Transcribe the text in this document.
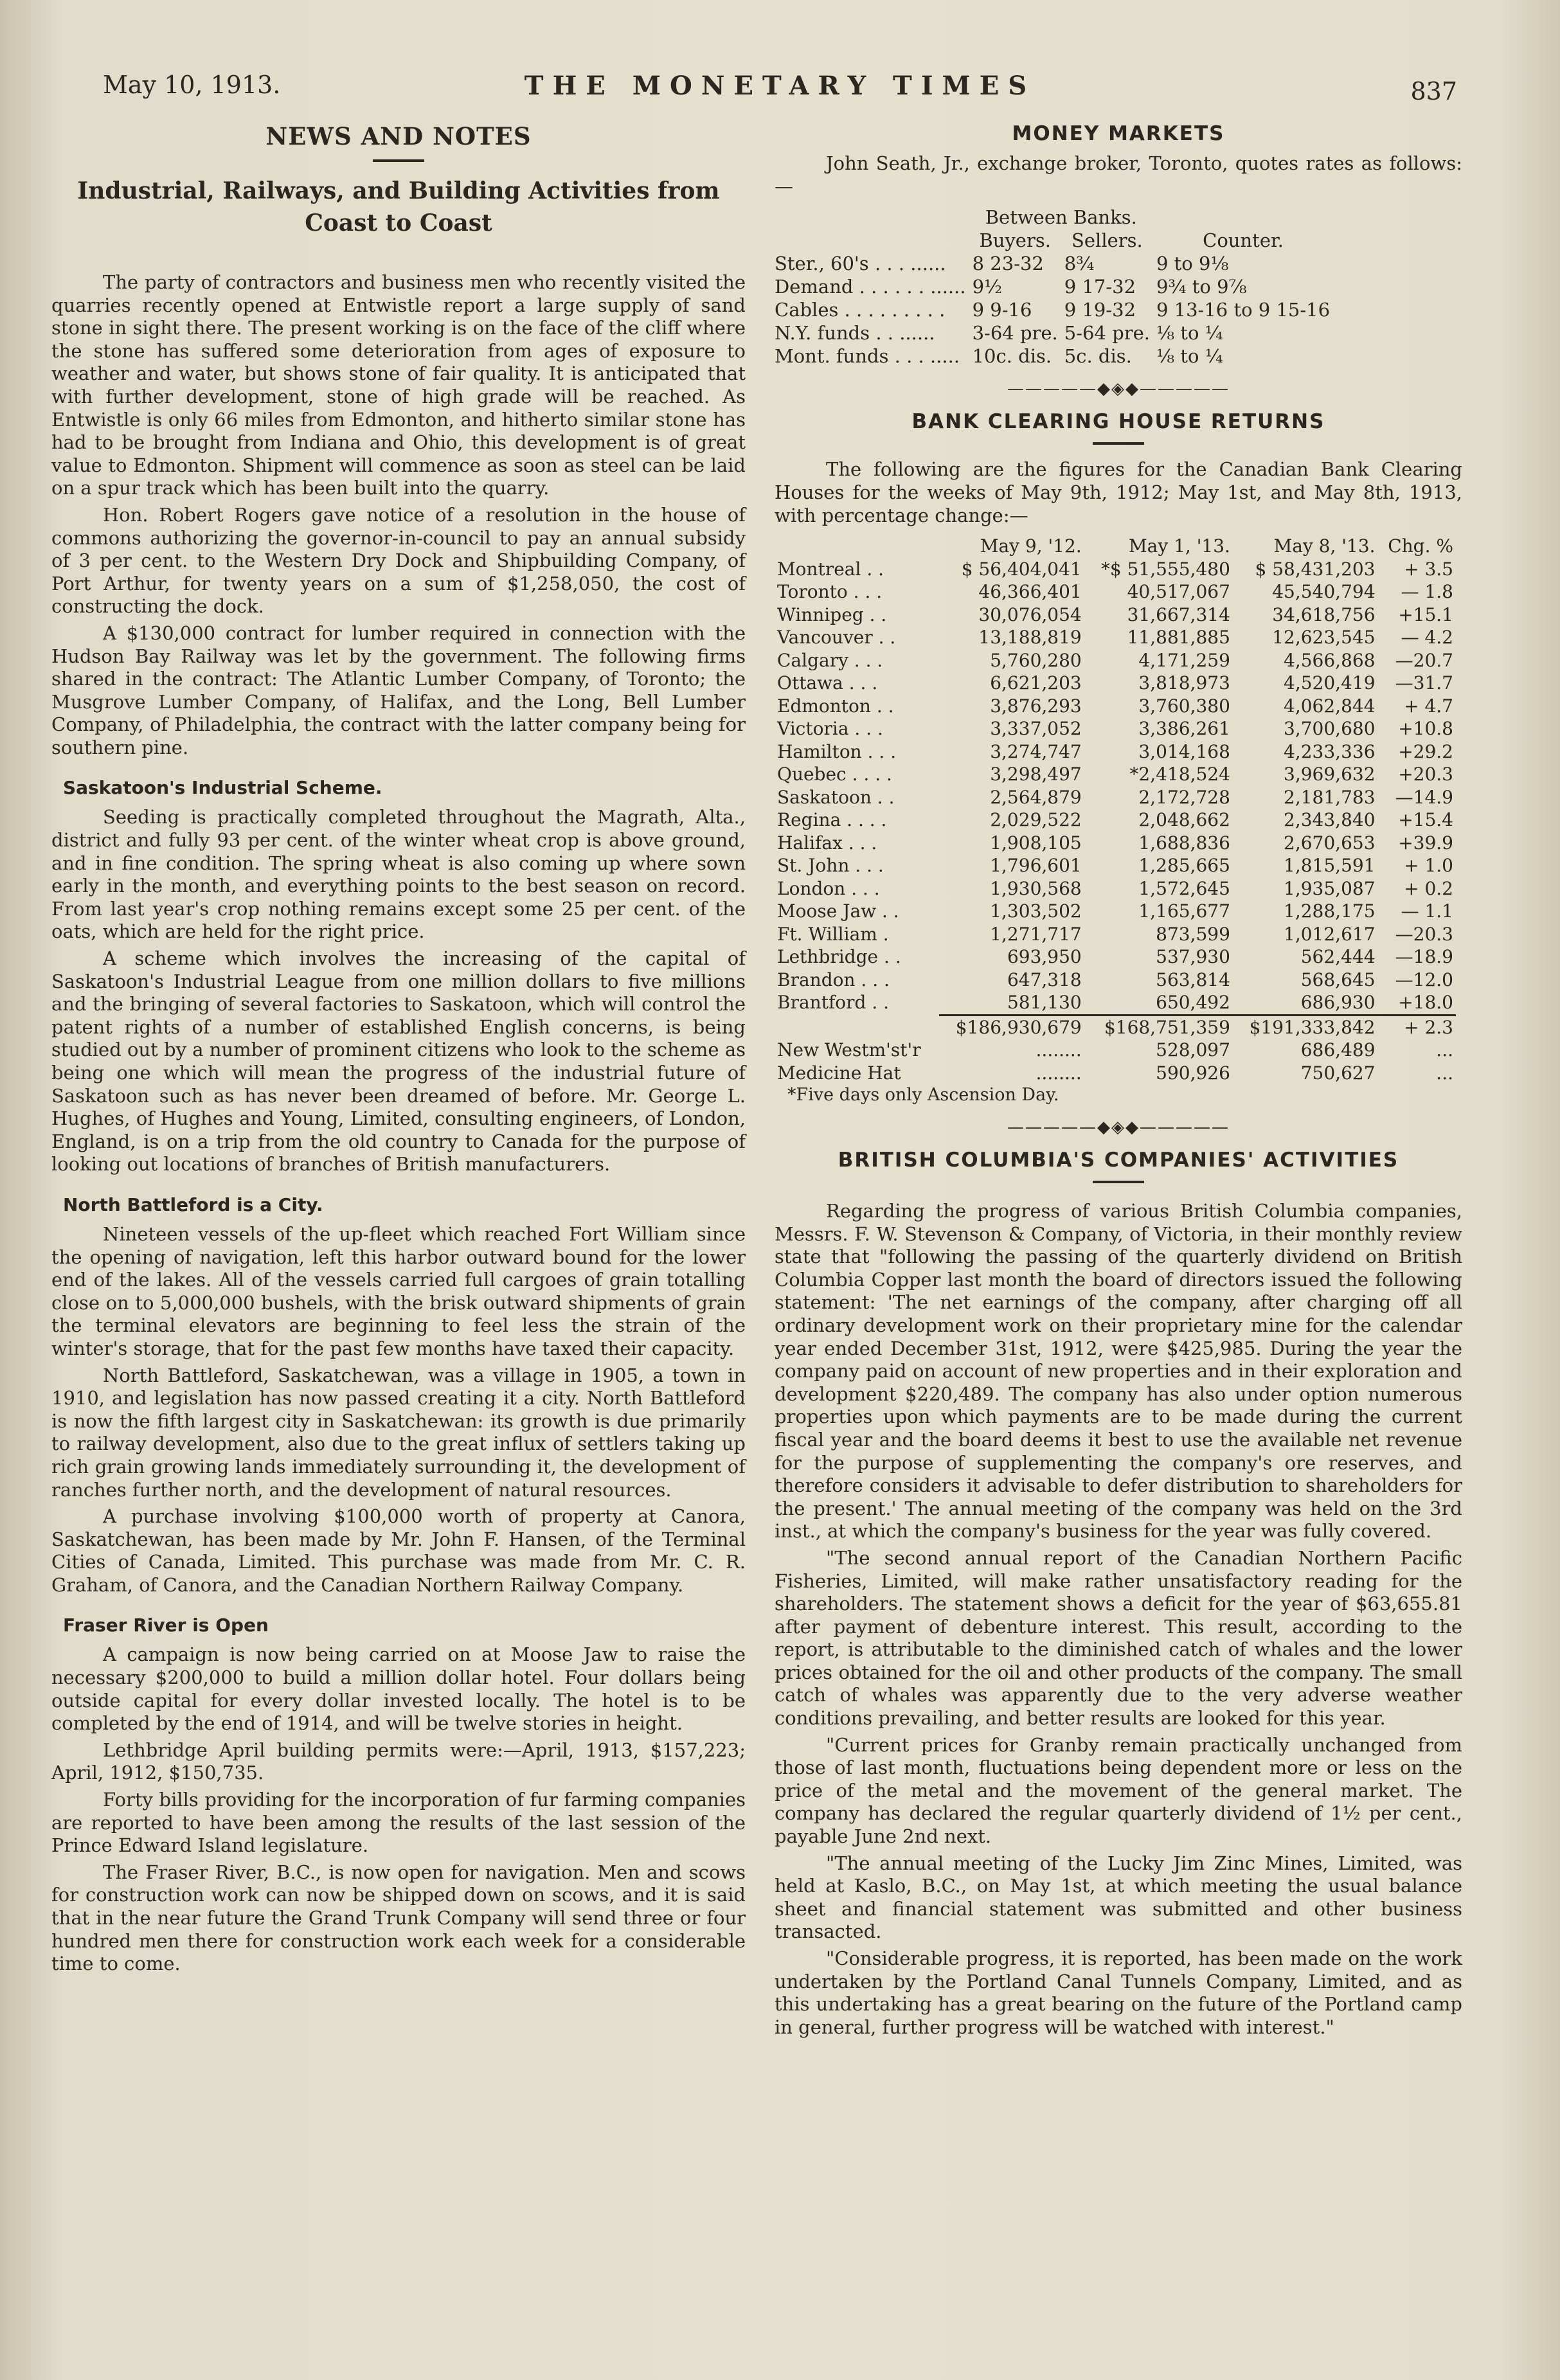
May 10, 1913.	THE MONETARY TIMES	837

NEWS AND NOTES

Industrial, Railways, and Building Activities from
Coast to Coast

The party of contractors and business men who recently visited the quarries recently opened at Entwistle report a large supply of sand stone in sight there. The present working is on the face of the cliff where the stone has suffered some deterioration from ages of exposure to weather and water, but shows stone of fair quality. It is anticipated that with further development, stone of high grade will be reached. As Entwistle is only 66 miles from Edmonton, and hitherto similar stone has had to be brought from Indiana and Ohio, this development is of great value to Edmonton. Shipment will commence as soon as steel can be laid on a spur track which has been built into the quarry.

Hon. Robert Rogers gave notice of a resolution in the house of commons authorizing the governor-in-council to pay an annual subsidy of 3 per cent. to the Western Dry Dock and Shipbuilding Company, of Port Arthur, for twenty years on a sum of $1,258,050, the cost of constructing the dock.

A $130,000 contract for lumber required in connection with the Hudson Bay Railway was let by the government. The following firms shared in the contract: The Atlantic Lumber Company, of Toronto; the Musgrove Lumber Company, of Halifax, and the Long, Bell Lumber Company, of Philadelphia, the contract with the latter company being for southern pine.

Saskatoon's Industrial Scheme.

Seeding is practically completed throughout the Magrath, Alta., district and fully 93 per cent. of the winter wheat crop is above ground, and in fine condition. The spring wheat is also coming up where sown early in the month, and everything points to the best season on record. From last year's crop nothing remains except some 25 per cent. of the oats, which are held for the right price.

A scheme which involves the increasing of the capital of Saskatoon's Industrial League from one million dollars to five millions and the bringing of several factories to Saskatoon, which will control the patent rights of a number of established English concerns, is being studied out by a number of prominent citizens who look to the scheme as being one which will mean the progress of the industrial future of Saskatoon such as has never been dreamed of before. Mr. George L. Hughes, of Hughes and Young, Limited, consulting engineers, of London, England, is on a trip from the old country to Canada for the purpose of looking out locations of branches of British manufacturers.

North Battleford is a City.

Nineteen vessels of the up-fleet which reached Fort William since the opening of navigation, left this harbor outward bound for the lower end of the lakes. All of the vessels carried full cargoes of grain totalling close on to 5,000,000 bushels, with the brisk outward shipments of grain the terminal elevators are beginning to feel less the strain of the winter's storage, that for the past few months have taxed their capacity.

North Battleford, Saskatchewan, was a village in 1905, a town in 1910, and legislation has now passed creating it a city. North Battleford is now the fifth largest city in Saskatchewan: its growth is due primarily to railway development, also due to the great influx of settlers taking up rich grain growing lands immediately surrounding it, the development of ranches further north, and the development of natural resources.

A purchase involving $100,000 worth of property at Canora, Saskatchewan, has been made by Mr. John F. Hansen, of the Terminal Cities of Canada, Limited. This purchase was made from Mr. C. R. Graham, of Canora, and the Canadian Northern Railway Company.

Fraser River is Open

A campaign is now being carried on at Moose Jaw to raise the necessary $200,000 to build a million dollar hotel. Four dollars being outside capital for every dollar invested locally. The hotel is to be completed by the end of 1914, and will be twelve stories in height.

Lethbridge April building permits were:—April, 1913, $157,223; April, 1912, $150,735.

Forty bills providing for the incorporation of fur farming companies are reported to have been among the results of the last session of the Prince Edward Island legislature.

The Fraser River, B.C., is now open for navigation. Men and scows for construction work can now be shipped down on scows, and it is said that in the near future the Grand Trunk Company will send three or four hundred men there for construction work each week for a considerable time to come.

MONEY MARKETS

John Seath, Jr., exchange broker, Toronto, quotes rates as follows:—

	Between Banks.		
	Buyers.	Sellers.	Counter.
Ster., 60's . . . ......	8 23-32	8¾	9 to 9⅛
Demand . . . . . . ......	9½	9 17-32	9¾ to 9⅞
Cables . . . . . . . . .	9 9-16	9 19-32	9 13-16 to 9 15-16
N.Y. funds . . ......	3-64 pre.	5-64 pre.	⅛ to ¼
Mont. funds . . . .....	10c. dis.	5c. dis.	⅛ to ¼
—————◆◈◆—————

BANK CLEARING HOUSE RETURNS

The following are the figures for the Canadian Bank Clearing Houses for the weeks of May 9th, 1912; May 1st, and May 8th, 1913, with percentage change:—

	May 9, '12.	May 1, '13.	May 8, '13.	Chg. %
Montreal . .	$ 56,404,041	*$ 51,555,480	$ 58,431,203	+ 3.5
Toronto . . .	46,366,401	40,517,067	45,540,794	— 1.8
Winnipeg . .	30,076,054	31,667,314	34,618,756	+15.1
Vancouver . .	13,188,819	11,881,885	12,623,545	— 4.2
Calgary . . .	5,760,280	4,171,259	4,566,868	—20.7
Ottawa . . .	6,621,203	3,818,973	4,520,419	—31.7
Edmonton . .	3,876,293	3,760,380	4,062,844	+ 4.7
Victoria . . .	3,337,052	3,386,261	3,700,680	+10.8
Hamilton . . .	3,274,747	3,014,168	4,233,336	+29.2
Quebec . . . .	3,298,497	*2,418,524	3,969,632	+20.3
Saskatoon . .	2,564,879	2,172,728	2,181,783	—14.9
Regina . . . .	2,029,522	2,048,662	2,343,840	+15.4
Halifax . . .	1,908,105	1,688,836	2,670,653	+39.9
St. John . . .	1,796,601	1,285,665	1,815,591	+ 1.0
London . . .	1,930,568	1,572,645	1,935,087	+ 0.2
Moose Jaw . .	1,303,502	1,165,677	1,288,175	— 1.1
Ft. William .	1,271,717	873,599	1,012,617	—20.3
Lethbridge . .	693,950	537,930	562,444	—18.9
Brandon . . .	647,318	563,814	568,645	—12.0
Brantford . .	581,130	650,492	686,930	+18.0
	$186,930,679	$168,751,359	$191,333,842	+ 2.3
New Westm'st'r	........	528,097	686,489	...
Medicine Hat	........	590,926	750,627	...

*Five days only Ascension Day.

—————◆◈◆—————

BRITISH COLUMBIA'S COMPANIES' ACTIVITIES

Regarding the progress of various British Columbia companies, Messrs. F. W. Stevenson & Company, of Victoria, in their monthly review state that "following the passing of the quarterly dividend on British Columbia Copper last month the board of directors issued the following statement: 'The net earnings of the company, after charging off all ordinary development work on their proprietary mine for the calendar year ended December 31st, 1912, were $425,985. During the year the company paid on account of new properties and in their exploration and development $220,489. The company has also under option numerous properties upon which payments are to be made during the current fiscal year and the board deems it best to use the available net revenue for the purpose of supplementing the company's ore reserves, and therefore considers it advisable to defer distribution to shareholders for the present.' The annual meeting of the company was held on the 3rd inst., at which the company's business for the year was fully covered.

"The second annual report of the Canadian Northern Pacific Fisheries, Limited, will make rather unsatisfactory reading for the shareholders. The statement shows a deficit for the year of $63,655.81 after payment of debenture interest. This result, according to the report, is attributable to the diminished catch of whales and the lower prices obtained for the oil and other products of the company. The small catch of whales was apparently due to the very adverse weather conditions prevailing, and better results are looked for this year.

"Current prices for Granby remain practically unchanged from those of last month, fluctuations being dependent more or less on the price of the metal and the movement of the general market. The company has declared the regular quarterly dividend of 1½ per cent., payable June 2nd next.

"The annual meeting of the Lucky Jim Zinc Mines, Limited, was held at Kaslo, B.C., on May 1st, at which meeting the usual balance sheet and financial statement was submitted and other business transacted.

"Considerable progress, it is reported, has been made on the work undertaken by the Portland Canal Tunnels Company, Limited, and as this undertaking has a great bearing on the future of the Portland camp in general, further progress will be watched with interest."
